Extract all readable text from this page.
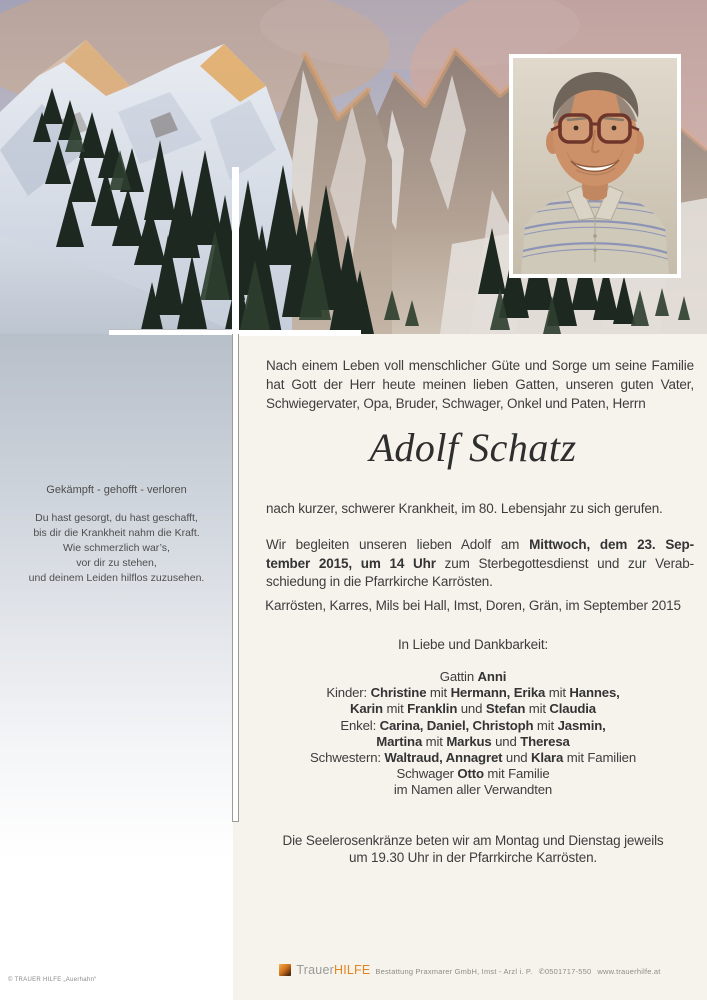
Gekämpft - gehofft - verloren
Du hast gesorgt, du hast geschafft,
bis dir die Krankheit nahm die Kraft.
Wie schmerzlich war’s,
vor dir zu stehen,
und deinem Leiden hilflos zuzusehen.
Nach einem Leben voll menschlicher Güte und Sorge um seine Familie
hat Gott der Herr heute meinen lieben Gatten, unseren guten Vater,
Schwiegervater, Opa, Bruder, Schwager, Onkel und Paten, Herrn
Adolf Schatz
nach kurzer, schwerer Krankheit, im 80. Lebensjahr zu sich gerufen.
Wir begleiten unseren lieben Adolf am Mittwoch, dem 23. Sep-
tember 2015, um 14 Uhr zum Sterbegottesdienst und zur Verab-
schiedung in die Pfarrkirche Karrösten.
Karrösten, Karres, Mils bei Hall, Imst, Doren, Grän, im September 2015
In Liebe und Dankbarkeit:
Gattin Anni
Kinder: Christine mit Hermann, Erika mit Hannes,
Karin mit Franklin und Stefan mit Claudia
Enkel: Carina, Daniel, Christoph mit Jasmin,
Martina mit Markus und Theresa
Schwestern: Waltraud, Annagret und Klara mit Familien
Schwager Otto mit Familie
im Namen aller Verwandten
Die Seelerosenkränze beten wir am Montag und Dienstag jeweils
um 19.30 Uhr in der Pfarrkirche Karrösten.
TrauerHILFE Bestattung Praxmarer GmbH, Imst - Arzl i. P. ✆0501717-550 www.trauerhilfe.at
© TRAUER HILFE „Auerhahn“
